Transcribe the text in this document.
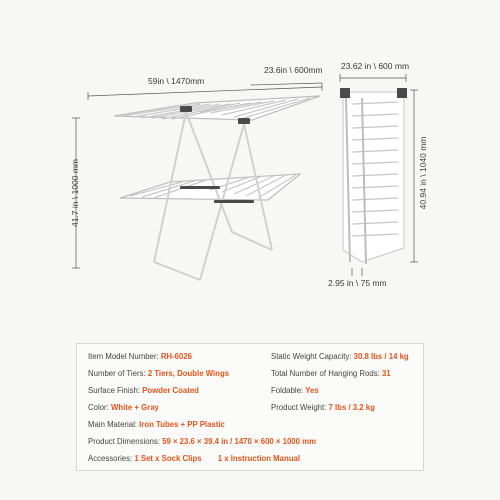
59in \ 1470mm
23.6in \ 600mm
41.7 in \ 1000 mm
23.62 in \ 600 mm
40.94 in \ 1040 mm
2.95 in \ 75 mm
Item Model Number: RH-6026	Static Weight Capacity: 30.8 lbs / 14 kg
Number of Tiers: 2 Tiers, Double Wings	Total Number of Hanging Rods: 31
Surface Finish: Powder Coated	Foldable: Yes
Color: White + Gray	Product Weight: 7 lbs / 3.2 kg
Main Material: Iron Tubes + PP Plastic
Product Dimensions: 59 × 23.6 × 39.4 in / 1470 × 600 × 1000 mm
Accessories: 1 Set x Sock Clips 1 x Instruction Manual
